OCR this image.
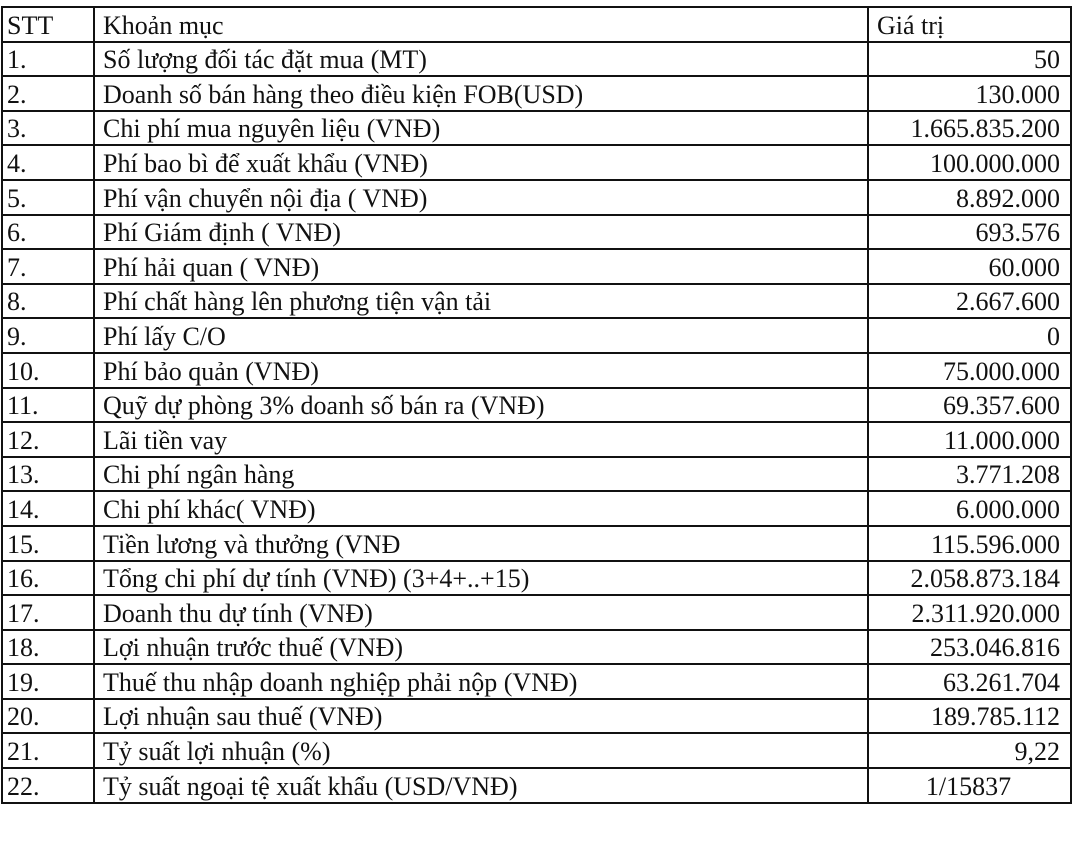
STT	Khoản mục	Giá trị
1.	Số lượng đối tác đặt mua (MT)	50
2.	Doanh số bán hàng theo điều kiện FOB(USD)	130.000
3.	Chi phí mua nguyên liệu (VNĐ)	1.665.835.200
4.	Phí bao bì để xuất khẩu (VNĐ)	100.000.000
5.	Phí vận chuyển nội địa ( VNĐ)	8.892.000
6.	Phí Giám định ( VNĐ)	693.576
7.	Phí hải quan ( VNĐ)	60.000
8.	Phí chất hàng lên phương tiện vận tải	2.667.600
9.	Phí lấy C/O	0
10.	Phí bảo quản (VNĐ)	75.000.000
11.	Quỹ dự phòng 3% doanh số bán ra (VNĐ)	69.357.600
12.	Lãi tiền vay	11.000.000
13.	Chi phí ngân hàng	3.771.208
14.	Chi phí khác( VNĐ)	6.000.000
15.	Tiền lương và thưởng (VNĐ	115.596.000
16.	Tổng chi phí dự tính (VNĐ) (3+4+..+15)	2.058.873.184
17.	Doanh thu dự tính (VNĐ)	2.311.920.000
18.	Lợi nhuận trước thuế (VNĐ)	253.046.816
19.	Thuế thu nhập doanh nghiệp phải nộp (VNĐ)	63.261.704
20.	Lợi nhuận sau thuế (VNĐ)	189.785.112
21.	Tỷ suất lợi nhuận (%)	9,22
22.	Tỷ suất ngoại tệ xuất khẩu (USD/VNĐ)	1/15837
